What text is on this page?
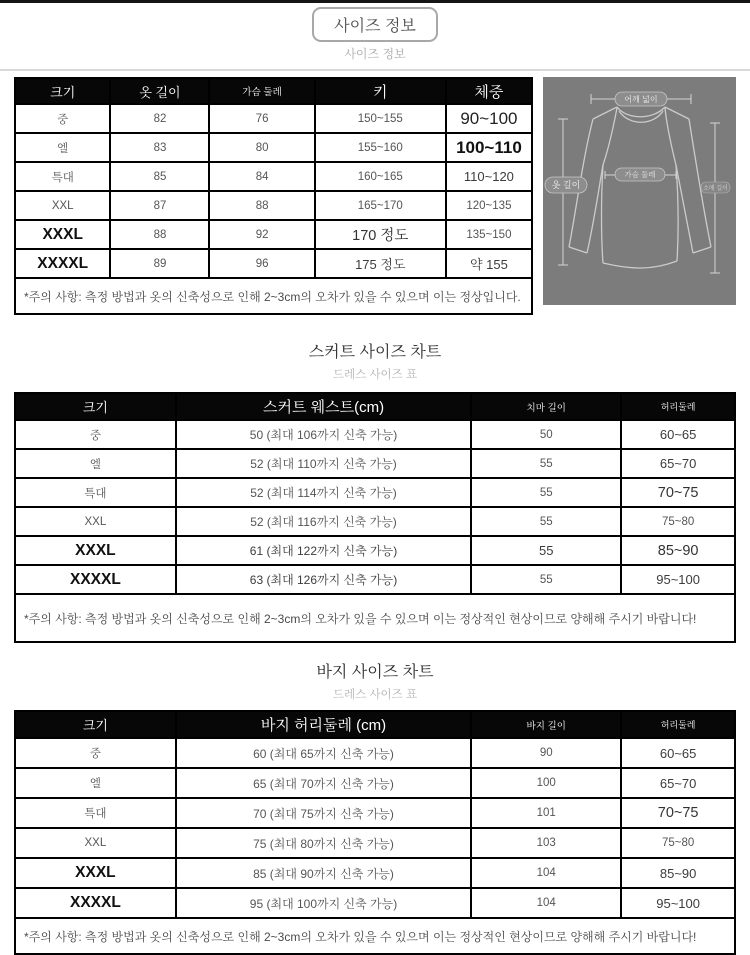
사이즈 정보
사이즈 정보
크기	옷 길이	가슴 둘레	키	체중
중	82	76	150~155	90~100
엘	83	80	155~160	100~110
특대	85	84	160~165	110~120
XXL	87	88	165~170	120~135
XXXL	88	92	170 정도	135~150
XXXXL	89	96	175 정도	약 155
*주의 사항: 측정 방법과 옷의 신축성으로 인해 2~3cm의 오차가 있을 수 있으며 이는 정상입니다.				
어깨 넓이
가슴 둘레
옷 길이	소매 길이
스커트 사이즈 차트
드레스 사이즈 표
크기	스커트 웨스트(cm)	치마 길이	허리둘레
중	50 (최대 106까지 신축 가능)	50	60~65
엘	52 (최대 110까지 신축 가능)	55	65~70
특대	52 (최대 114까지 신축 가능)	55	70~75
XXL	52 (최대 116까지 신축 가능)	55	75~80
XXXL	61 (최대 122까지 신축 가능)	55	85~90
XXXXL	63 (최대 126까지 신축 가능)	55	95~100
*주의 사항: 측정 방법과 옷의 신축성으로 인해 2~3cm의 오차가 있을 수 있으며 이는 정상적인 현상이므로 양해해 주시기 바랍니다!			
바지 사이즈 차트
드레스 사이즈 표
크기	바지 허리둘레 (cm)	바지 길이	허리둘레
중	60 (최대 65까지 신축 가능)	90	60~65
엘	65 (최대 70까지 신축 가능)	100	65~70
특대	70 (최대 75까지 신축 가능)	101	70~75
XXL	75 (최대 80까지 신축 가능)	103	75~80
XXXL	85 (최대 90까지 신축 가능)	104	85~90
XXXXL	95 (최대 100까지 신축 가능)	104	95~100
*주의 사항: 측정 방법과 옷의 신축성으로 인해 2~3cm의 오차가 있을 수 있으며 이는 정상적인 현상이므로 양해해 주시기 바랍니다!			
